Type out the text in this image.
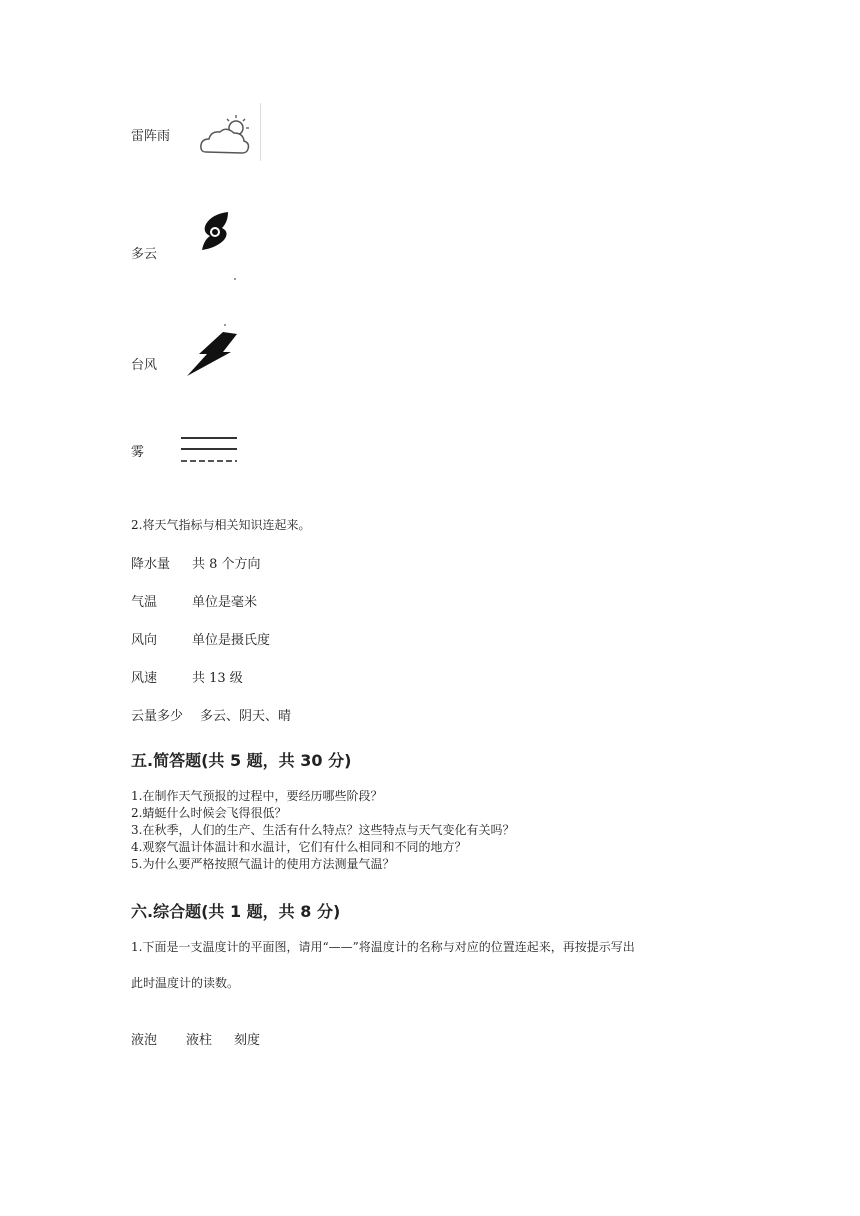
雷阵雨
多云
台风
雾
2.将天气指标与相关知识连起来。
降水量 共 8 个方向
气温	单位是毫米
风向	单位是摄氏度
风速	共 13 级
云量多少 多云、阴天、晴
五.简答题(共 5 题，共 30 分)
1.在制作天气预报的过程中，要经历哪些阶段？
2.蜻蜓什么时候会飞得很低？
3.在秋季，人们的生产、生活有什么特点？这些特点与天气变化有关吗？
4.观察气温计体温计和水温计，它们有什么相同和不同的地方？
5.为什么要严格按照气温计的使用方法测量气温？
六.综合题(共 1 题，共 8 分)
1.下面是一支温度计的平面图，请用“——”将温度计的名称与对应的位置连起来，再按提示写出
此时温度计的读数。
液泡 液柱 刻度
